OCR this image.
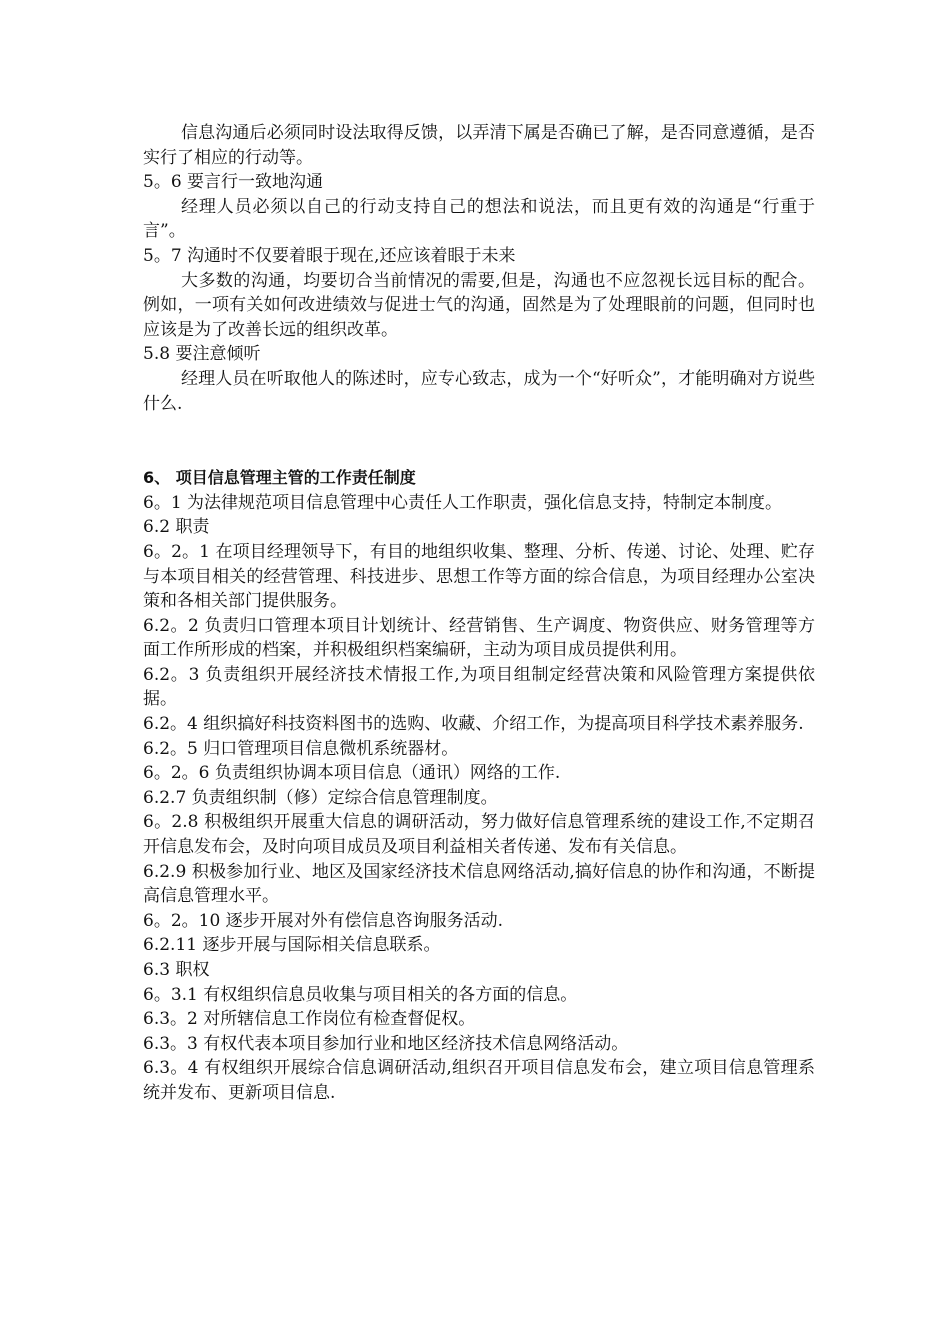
信息沟通后必须同时设法取得反馈，以弄清下属是否确已了解，是否同意遵循，是否实行了相应的行动等。

5。6 要言行一致地沟通

经理人员必须以自己的行动支持自己的想法和说法，而且更有效的沟通是“行重于言”。

5。7 沟通时不仅要着眼于现在,还应该着眼于未来

大多数的沟通，均要切合当前情况的需要,但是，沟通也不应忽视长远目标的配合。例如，一项有关如何改进绩效与促进士气的沟通，固然是为了处理眼前的问题，但同时也应该是为了改善长远的组织改革。

5.8 要注意倾听

经理人员在听取他人的陈述时，应专心致志，成为一个“好听众”，才能明确对方说些什么.

6、 项目信息管理主管的工作责任制度

6。1 为法律规范项目信息管理中心责任人工作职责，强化信息支持，特制定本制度。

6.2 职责

6。2。1 在项目经理领导下，有目的地组织收集、整理、分析、传递、讨论、处理、贮存与本项目相关的经营管理、科技进步、思想工作等方面的综合信息，为项目经理办公室决策和各相关部门提供服务。

6.2。2 负责归口管理本项目计划统计、经营销售、生产调度、物资供应、财务管理等方面工作所形成的档案，并积极组织档案编研，主动为项目成员提供利用。

6.2。3 负责组织开展经济技术情报工作,为项目组制定经营决策和风险管理方案提供依据。

6.2。4 组织搞好科技资料图书的选购、收藏、介绍工作，为提高项目科学技术素养服务.

6.2。5 归口管理项目信息微机系统器材。

6。2。6 负责组织协调本项目信息（通讯）网络的工作.

6.2.7 负责组织制（修）定综合信息管理制度。

6。2.8 积极组织开展重大信息的调研活动，努力做好信息管理系统的建设工作,不定期召开信息发布会，及时向项目成员及项目利益相关者传递、发布有关信息。

6.2.9 积极参加行业、地区及国家经济技术信息网络活动,搞好信息的协作和沟通，不断提高信息管理水平。

6。2。10 逐步开展对外有偿信息咨询服务活动.

6.2.11 逐步开展与国际相关信息联系。

6.3 职权

6。3.1 有权组织信息员收集与项目相关的各方面的信息。

6.3。2 对所辖信息工作岗位有检查督促权。

6.3。3 有权代表本项目参加行业和地区经济技术信息网络活动。

6.3。4 有权组织开展综合信息调研活动,组织召开项目信息发布会，建立项目信息管理系统并发布、更新项目信息.
